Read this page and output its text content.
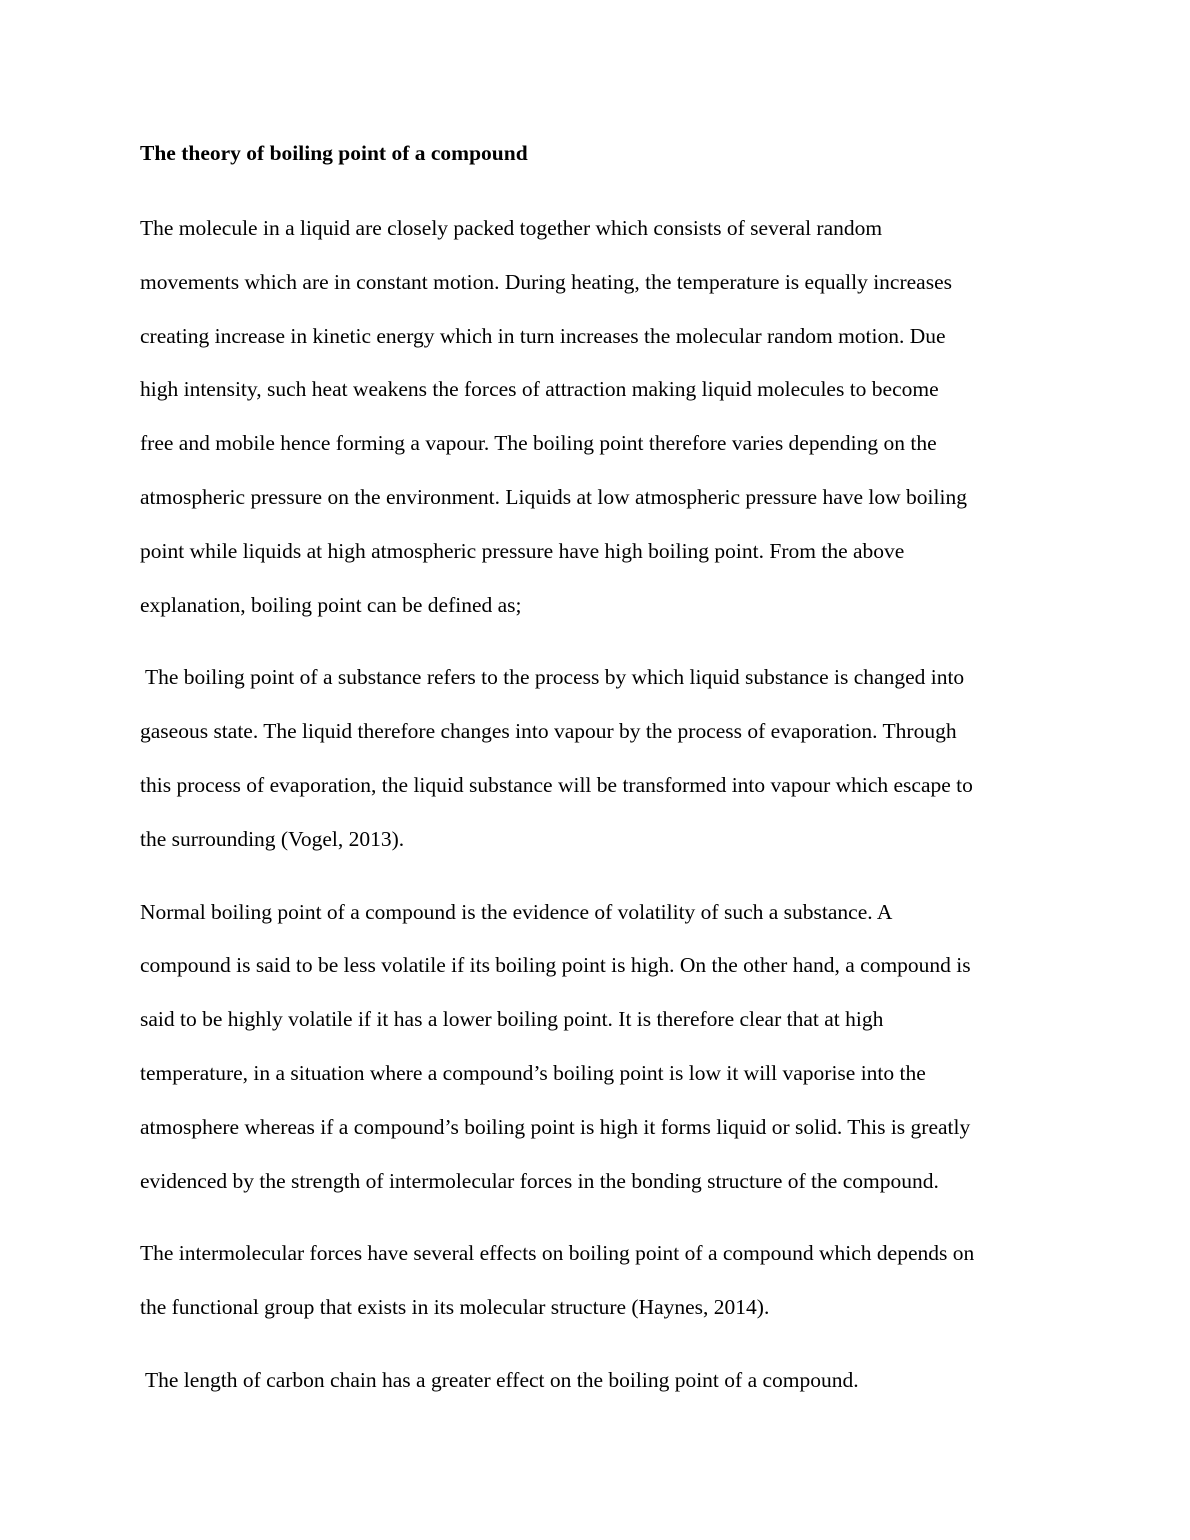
The theory of boiling point of a compound
The molecule in a liquid are closely packed together which consists of several random
movements which are in constant motion. During heating, the temperature is equally increases
creating increase in kinetic energy which in turn increases the molecular random motion. Due
high intensity, such heat weakens the forces of attraction making liquid molecules to become
free and mobile hence forming a vapour. The boiling point therefore varies depending on the
atmospheric pressure on the environment. Liquids at low atmospheric pressure have low boiling
point while liquids at high atmospheric pressure have high boiling point. From the above
explanation, boiling point can be defined as;
The boiling point of a substance refers to the process by which liquid substance is changed into
gaseous state. The liquid therefore changes into vapour by the process of evaporation. Through
this process of evaporation, the liquid substance will be transformed into vapour which escape to
the surrounding (Vogel, 2013).
Normal boiling point of a compound is the evidence of volatility of such a substance. A
compound is said to be less volatile if its boiling point is high. On the other hand, a compound is
said to be highly volatile if it has a lower boiling point. It is therefore clear that at high
temperature, in a situation where a compound’s boiling point is low it will vaporise into the
atmosphere whereas if a compound’s boiling point is high it forms liquid or solid. This is greatly
evidenced by the strength of intermolecular forces in the bonding structure of the compound.
The intermolecular forces have several effects on boiling point of a compound which depends on
the functional group that exists in its molecular structure (Haynes, 2014).
The length of carbon chain has a greater effect on the boiling point of a compound.
